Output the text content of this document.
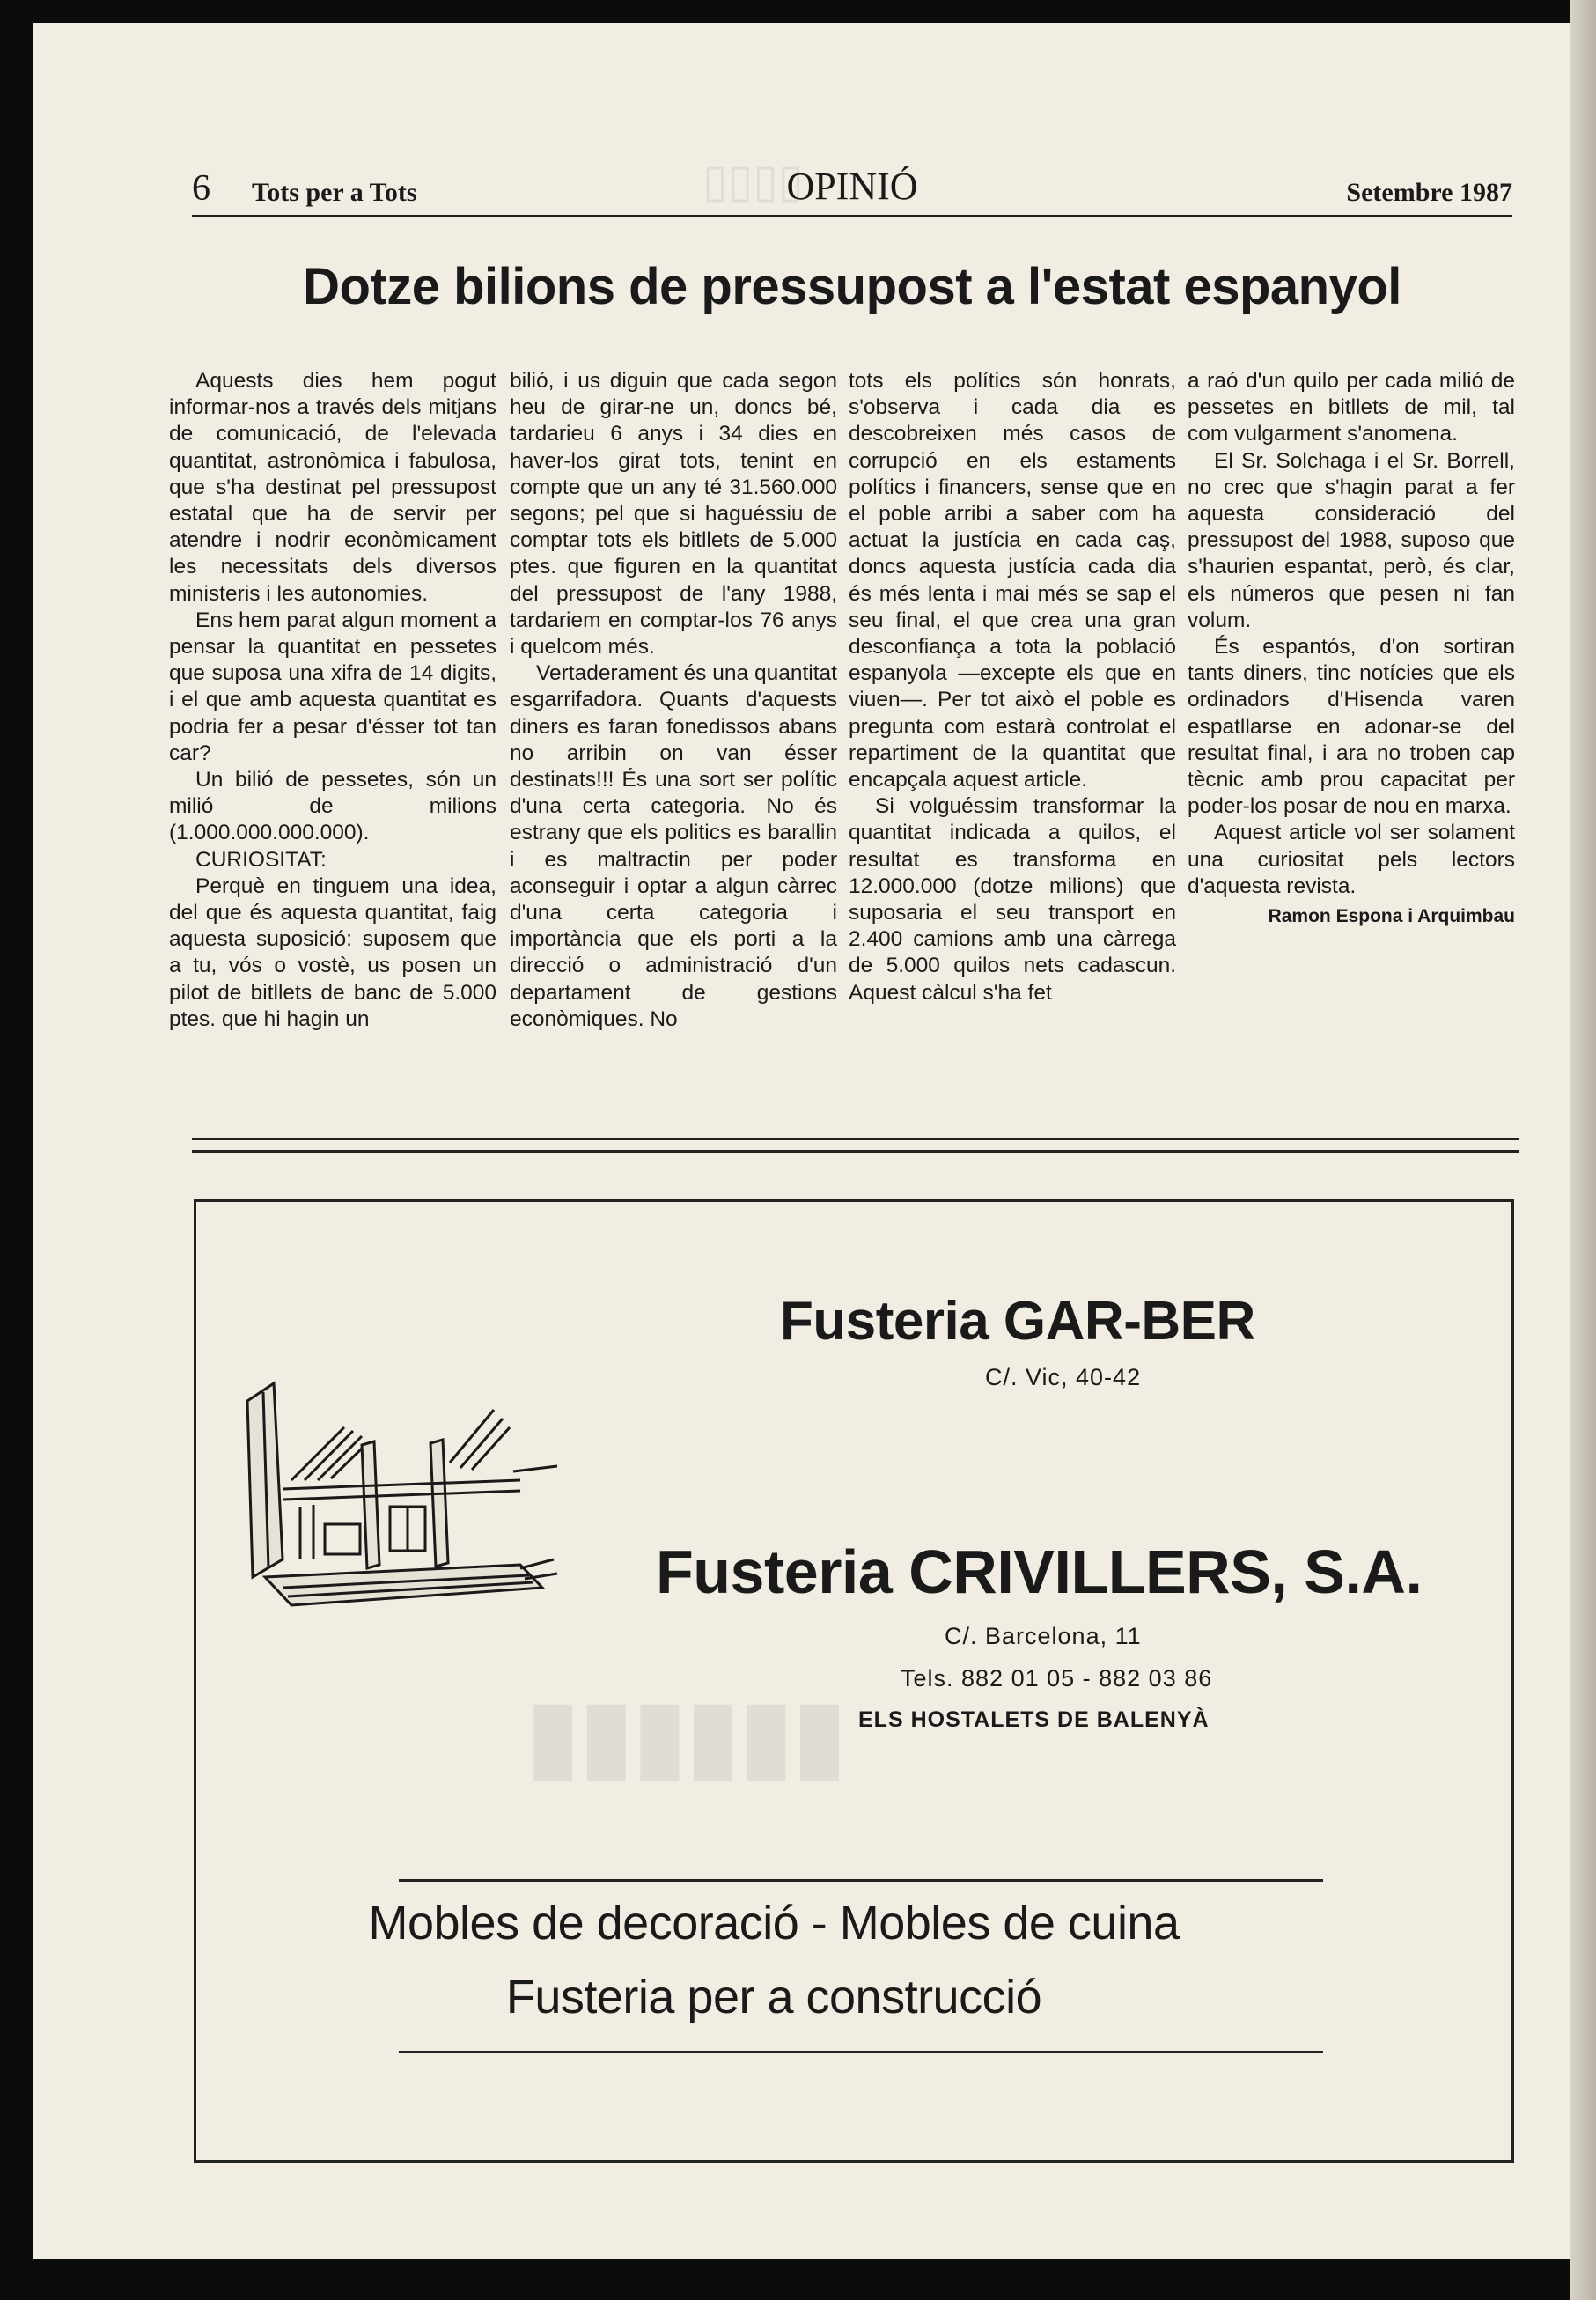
▯▯▯▯
▮▮▮▮▮▮
6 Tots per a Tots	OPINIÓ	Setembre 1987
Dotze bilions de pressupost a l'estat espanyol

Aquests dies hem pogut informar-nos a través dels mitjans de comunicació, de l'elevada quantitat, astronòmica i fabulosa, que s'ha destinat pel pressupost estatal que ha de servir per atendre i nodrir econòmicament les necessitats dels diversos ministeris i les autonomies.

Ens hem parat algun moment a pensar la quantitat en pessetes que suposa una xifra de 14 digits, i el que amb aquesta quantitat es podria fer a pesar d'ésser tot tan car?

Un bilió de pessetes, són un milió de milions (1.000.000.000.000).

CURIOSITAT:

Perquè en tinguem una idea, del que és aquesta quantitat, faig aquesta suposició: suposem que a tu, vós o vostè, us posen un pilot de bitllets de banc de 5.000 ptes. que hi hagin un

bilió, i us diguin que cada segon heu de girar-ne un, doncs bé, tardarieu 6 anys i 34 dies en haver-los girat tots, tenint en compte que un any té 31.560.000 segons; pel que si haguéssiu de comptar tots els bitllets de 5.000 ptes. que figuren en la quantitat del pressupost de l'any 1988, tardariem en comptar-los 76 anys i quelcom més.

Vertaderament és una quantitat esgarrifadora. Quants d'aquests diners es faran fonedissos abans no arribin on van ésser destinats!!! És una sort ser polític d'una certa categoria. No és estrany que els politics es barallin i es maltractin per poder aconseguir i optar a algun càrrec d'una certa categoria i importància que els porti a la direcció o administració d'un departament de gestions econòmiques. No

tots els polítics són honrats, s'observa i cada dia es descobreixen més casos de corrupció en els estaments polítics i financers, sense que en el poble arribi a saber com ha actuat la justícia en cada caş, doncs aquesta justícia cada dia és més lenta i mai més se sap el seu final, el que crea una gran desconfiança a tota la població espanyola —excepte els que en viuen—. Per tot això el poble es pregunta com estarà controlat el repartiment de la quantitat que encapçala aquest article.

Si volguéssim transformar la quantitat indicada a quilos, el resultat es transforma en 12.000.000 (dotze milions) que suposaria el seu transport en 2.400 camions amb una càrrega de 5.000 quilos nets cadascun. Aquest càlcul s'ha fet

a raó d'un quilo per cada milió de pessetes en bitllets de mil, tal com vulgarment s'anomena.

El Sr. Solchaga i el Sr. Borrell, no crec que s'hagin parat a fer aquesta consideració del pressupost del 1988, suposo que s'haurien espantat, però, és clar, els números que pesen ni fan volum.

És espantós, d'on sortiran tants diners, tinc notícies que els ordinadors d'Hisenda varen espatllarse en adonar-se del resultat final, i ara no troben cap tècnic amb prou capacitat per poder-los posar de nou en marxa.

Aquest article vol ser solament una curiositat pels lectors d'aquesta revista.

Ramon Espona i Arquimbau
Fusteria GAR-BER
C/. Vic, 40-42
Fusteria CRIVILLERS, S.A.
C/. Barcelona, 11
Tels. 882 01 05 - 882 03 86
ELS HOSTALETS DE BALENYÀ
Mobles de decoració - Mobles de cuina
Fusteria per a construcció
